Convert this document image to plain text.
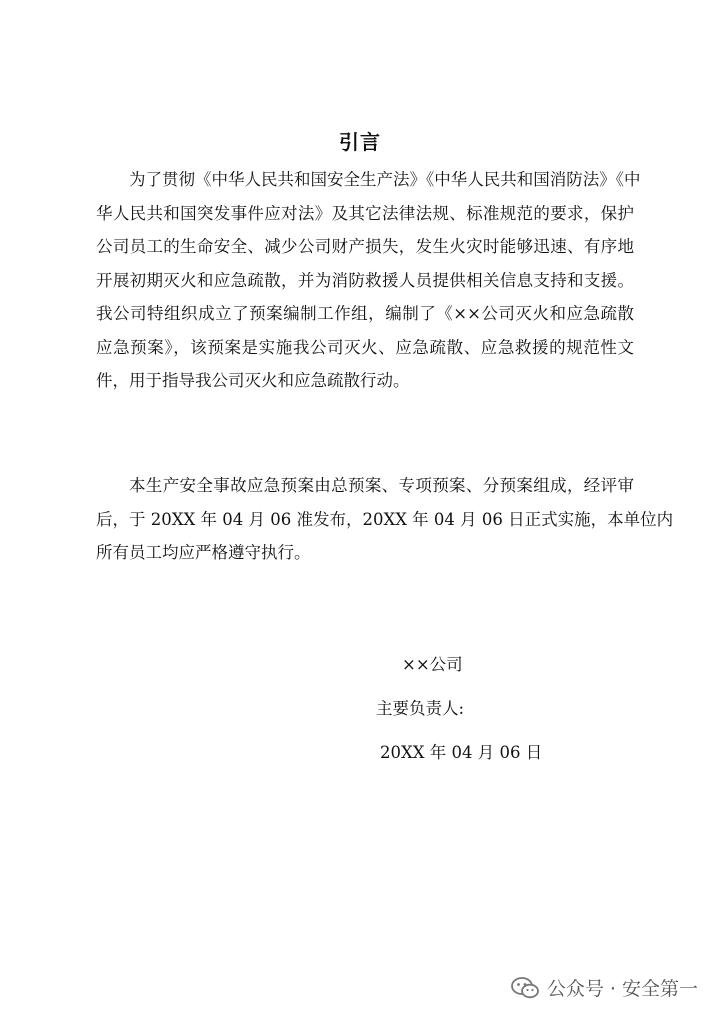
引言
为了贯彻《中华人民共和国安全生产法》《中华人民共和国消防法》《中
华人民共和国突发事件应对法》及其它法律法规、标准规范的要求，保护
公司员工的生命安全、减少公司财产损失，发生火灾时能够迅速、有序地
开展初期灭火和应急疏散，并为消防救援人员提供相关信息支持和支援。
我公司特组织成立了预案编制工作组，编制了《××公司灭火和应急疏散
应急预案》，该预案是实施我公司灭火、应急疏散、应急救援的规范性文
件，用于指导我公司灭火和应急疏散行动。
本生产安全事故应急预案由总预案、专项预案、分预案组成，经评审
后，于 20XX 年 04 月 06 准发布，20XX 年 04 月 06 日正式实施，本单位内
所有员工均应严格遵守执行。
××公司
主要负责人:
20XX 年 04 月 06 日
公众号 · 安全第一
